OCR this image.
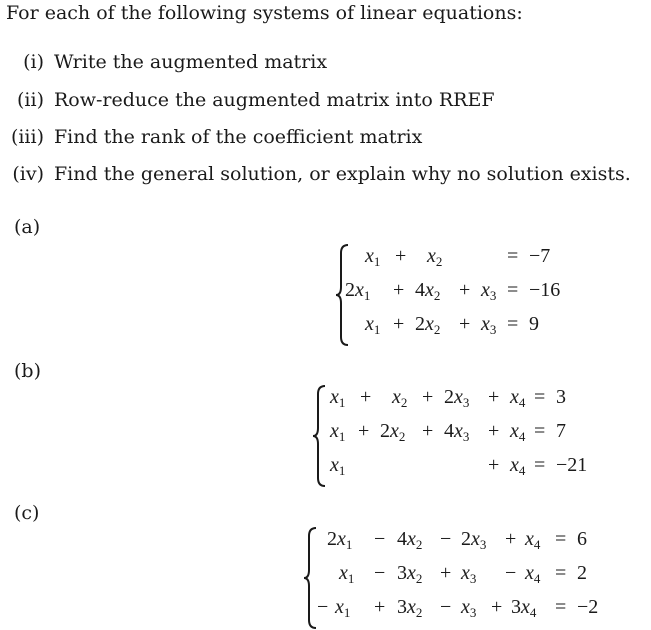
For each of the following systems of linear equations:
(i) Write the augmented matrix
(ii) Row-reduce the augmented matrix into RREF
(iii) Find the rank of the coefficient matrix
(iv) Find the general solution, or explain why no solution exists.
(a)
$x_1 + x_2$	= −7
$2x_1 + 4x_2 + x_3 = -16$
$x_1 + 2x_2 + x_3 = 9$
(b)
$x_1 + x_2 + 2x_3 + x_4 = 3$
$x_1 + 2x_2 + 4x_3 + x_4 = 7$
$x_1$	+ $x_4 = -21$
(c)
$2x_1 - 4x_2 - 2x_3 + x_4 = 6$
$x_1 - 3x_2 + x_3 - x_4 = 2$
− $x_1 + 3x_2 - x_3 + 3x_4 = -2$
